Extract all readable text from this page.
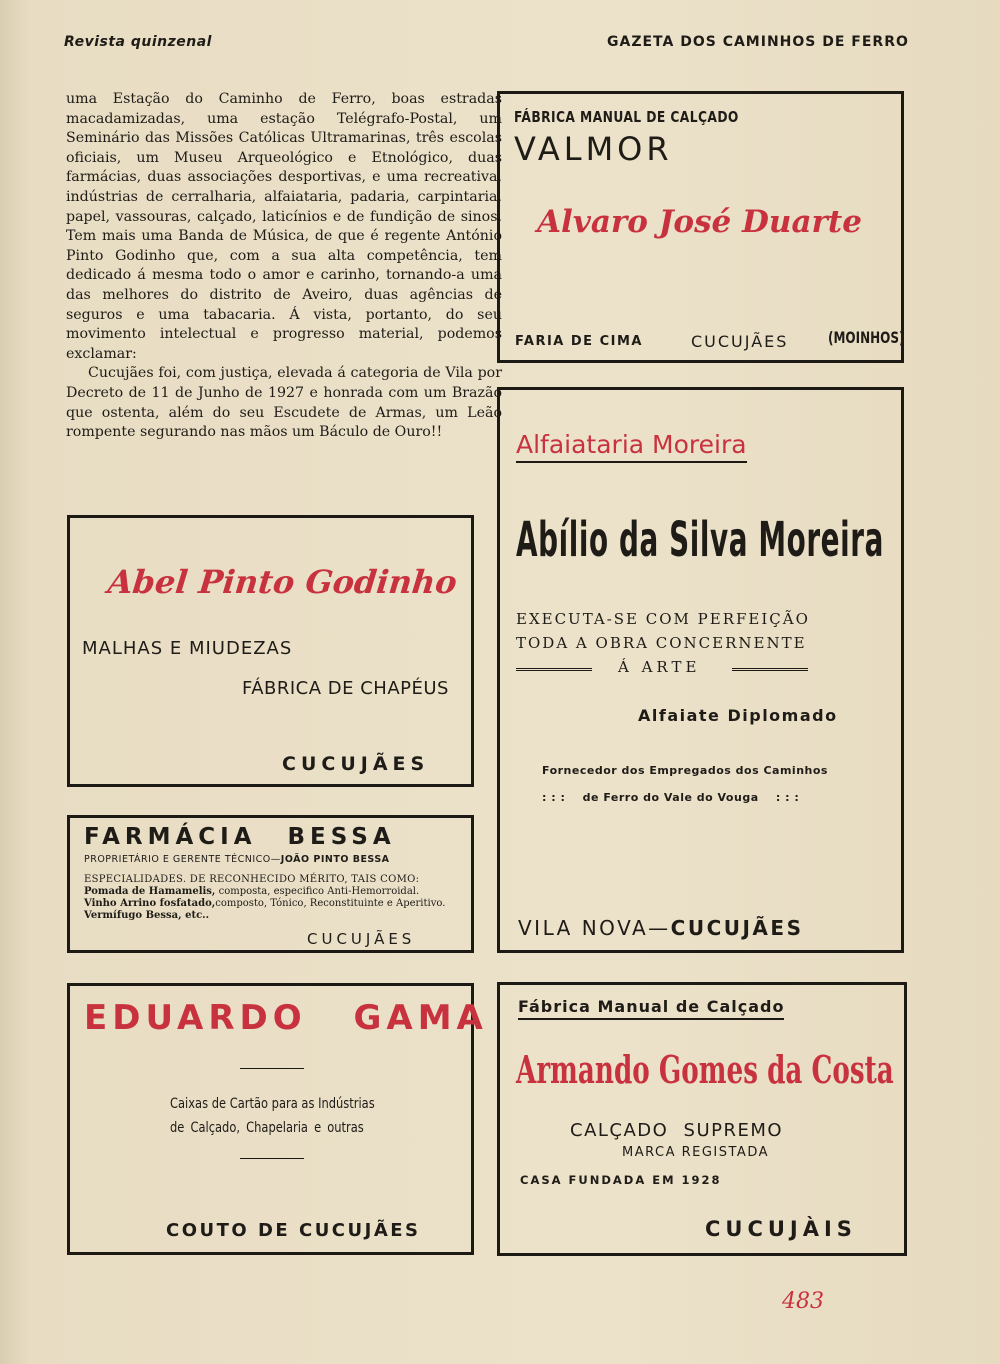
Revista quinzenal	GAZETA DOS CAMINHOS DE FERRO

uma Estação do Caminho de Ferro, boas estradas macadamizadas, uma estação Telégrafo-Postal, um Seminário das Missões Católicas Ultramarinas, três escolas oficiais, um Museu Arqueológico e Etnológico, duas farmácias, duas associações desportivas, e uma recreativa, indústrias de cerralharia, alfaiataria, padaria, carpintaria, papel, vassouras, calçado, laticínios e de fundição de sinos. Tem mais uma Banda de Música, de que é regente António Pinto Godinho que, com a sua alta competência, tem dedicado á mesma todo o amor e carinho, tornando-a uma das melhores do distrito de Aveiro, duas agências de seguros e uma tabacaria. Á vista, portanto, do seu movimento intelectual e progresso material, podemos exclamar:

Cucujães foi, com justiça, elevada á categoria de Vila por Decreto de 11 de Junho de 1927 e honrada com um Brazão que ostenta, além do seu Escudete de Armas, um Leão rompente segurando nas mãos um Báculo de Ouro!!

FÁBRICA MANUAL DE CALÇADO
VALMOR
Alvaro José Duarte
FARIA DE CIMA	CUCUJÃES (MOINHOS)
Abel Pinto Godinho
MALHAS E MIUDEZAS
FÁBRICA DE CHAPÉUS
CUCUJÃES
FARMÁCIA BESSA
PROPRIETÁRIO E GERENTE TÉCNICO—JOÃO PINTO BESSA
ESPECIALIDADES. DE RECONHECIDO MÉRITO, TAIS COMO:
Pomada de Hamamelis, composta, especifico Anti-Hemorroidal.
Vinho Arrino fosfatado,composto, Tónico, Reconstituinte e Aperitivo.
Vermífugo Bessa, etc..
CUCUJÃES
EDUARDO GAMA
Caixas de Cartão para as Indústrias
de Calçado, Chapelaria e outras
COUTO DE CUCUJÃES
Alfaiataria Moreira
Abílio da Silva Moreira
EXECUTA-SE COM PERFEIÇÃO
TODA A OBRA CONCERNENTE
Á ARTE
Alfaiate Diplomado
Fornecedor dos Empregados dos Caminhos
: : :    de Ferro do Vale do Vouga    : : :
VILA NOVA—CUCUJÃES
Fábrica Manual de Calçado
Armando Gomes da Costa
CALÇADO SUPREMO
MARCA REGISTADA
CASA FUNDADA EM 1928
CUCUJÀIS
483
